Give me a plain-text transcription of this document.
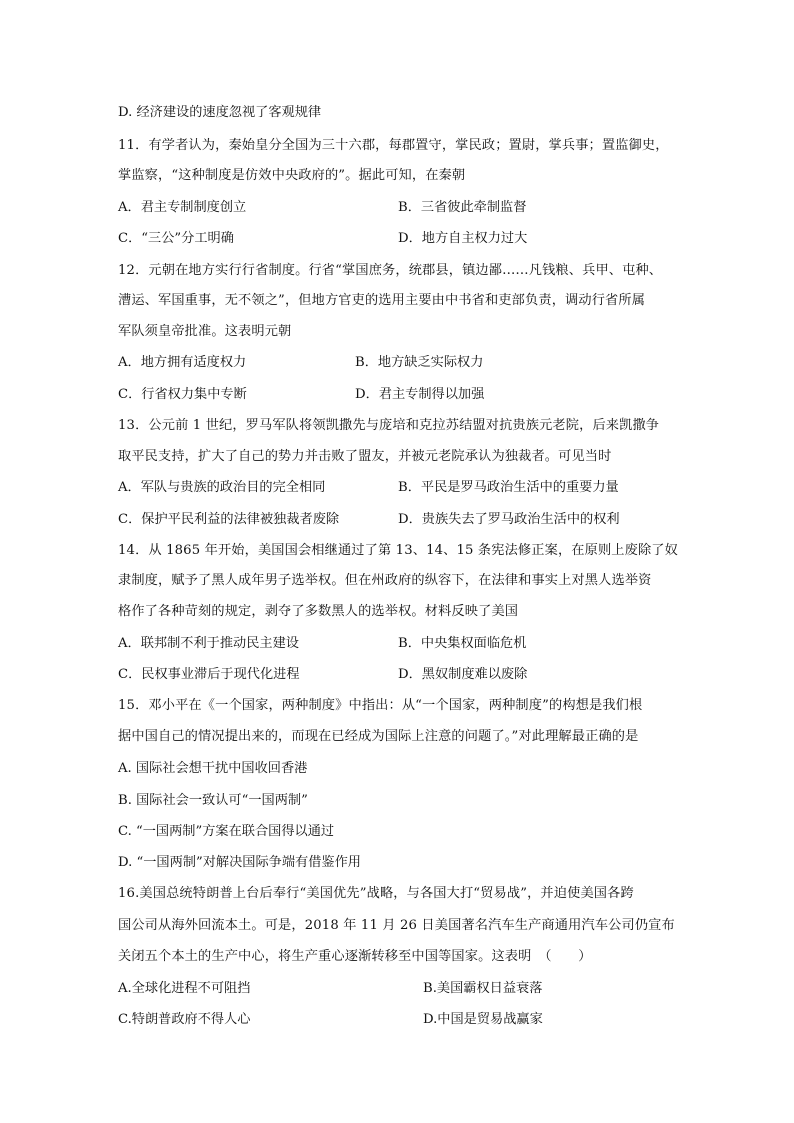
D. 经济建设的速度忽视了客观规律
11．有学者认为，秦始皇分全国为三十六郡，每郡置守，掌民政；置尉，掌兵事；置监御史，
掌监察，“这种制度是仿效中央政府的”。据此可知，在秦朝
A．君主专制制度创立	B．三省彼此牵制监督
C．“三公”分工明确	D．地方自主权力过大
12．元朝在地方实行行省制度。行省“掌国庶务，统郡县，镇边鄙……凡钱粮、兵甲、屯种、
漕运、军国重事，无不领之”，但地方官吏的选用主要由中书省和吏部负责，调动行省所属
军队须皇帝批准。这表明元朝
A．地方拥有适度权力	B．地方缺乏实际权力
C．行省权力集中专断	D．君主专制得以加强
13．公元前 1 世纪，罗马军队将领凯撒先与庞培和克拉苏结盟对抗贵族元老院，后来凯撒争
取平民支持，扩大了自己的势力并击败了盟友，并被元老院承认为独裁者。可见当时
A．军队与贵族的政治目的完全相同	B．平民是罗马政治生活中的重要力量
C．保护平民利益的法律被独裁者废除	D．贵族失去了罗马政治生活中的权利
14．从 1865 年开始，美国国会相继通过了第 13、14、15 条宪法修正案，在原则上废除了奴
隶制度，赋予了黑人成年男子选举权。但在州政府的纵容下，在法律和事实上对黑人选举资
格作了各种苛刻的规定，剥夺了多数黑人的选举权。材料反映了美国
A．联邦制不利于推动民主建设	B．中央集权面临危机
C．民权事业滞后于现代化进程	D．黑奴制度难以废除
15．邓小平在《一个国家，两种制度》中指出：从“一个国家，两种制度”的构想是我们根
据中国自己的情况提出来的，而现在已经成为国际上注意的问题了。”对此理解最正确的是
A. 国际社会想干扰中国收回香港
B. 国际社会一致认可“一国两制”
C. “一国两制”方案在联合国得以通过
D. “一国两制”对解决国际争端有借鉴作用
16.美国总统特朗普上台后奉行“美国优先”战略，与各国大打“贸易战”，并迫使美国各跨
国公司从海外回流本土。可是，2018 年 11 月 26 日美国著名汽车生产商通用汽车公司仍宣布
关闭五个本土的生产中心，将生产重心逐渐转移至中国等国家。这表明　（　　）
A.全球化进程不可阻挡	B.美国霸权日益衰落
C.特朗普政府不得人心	D.中国是贸易战赢家
